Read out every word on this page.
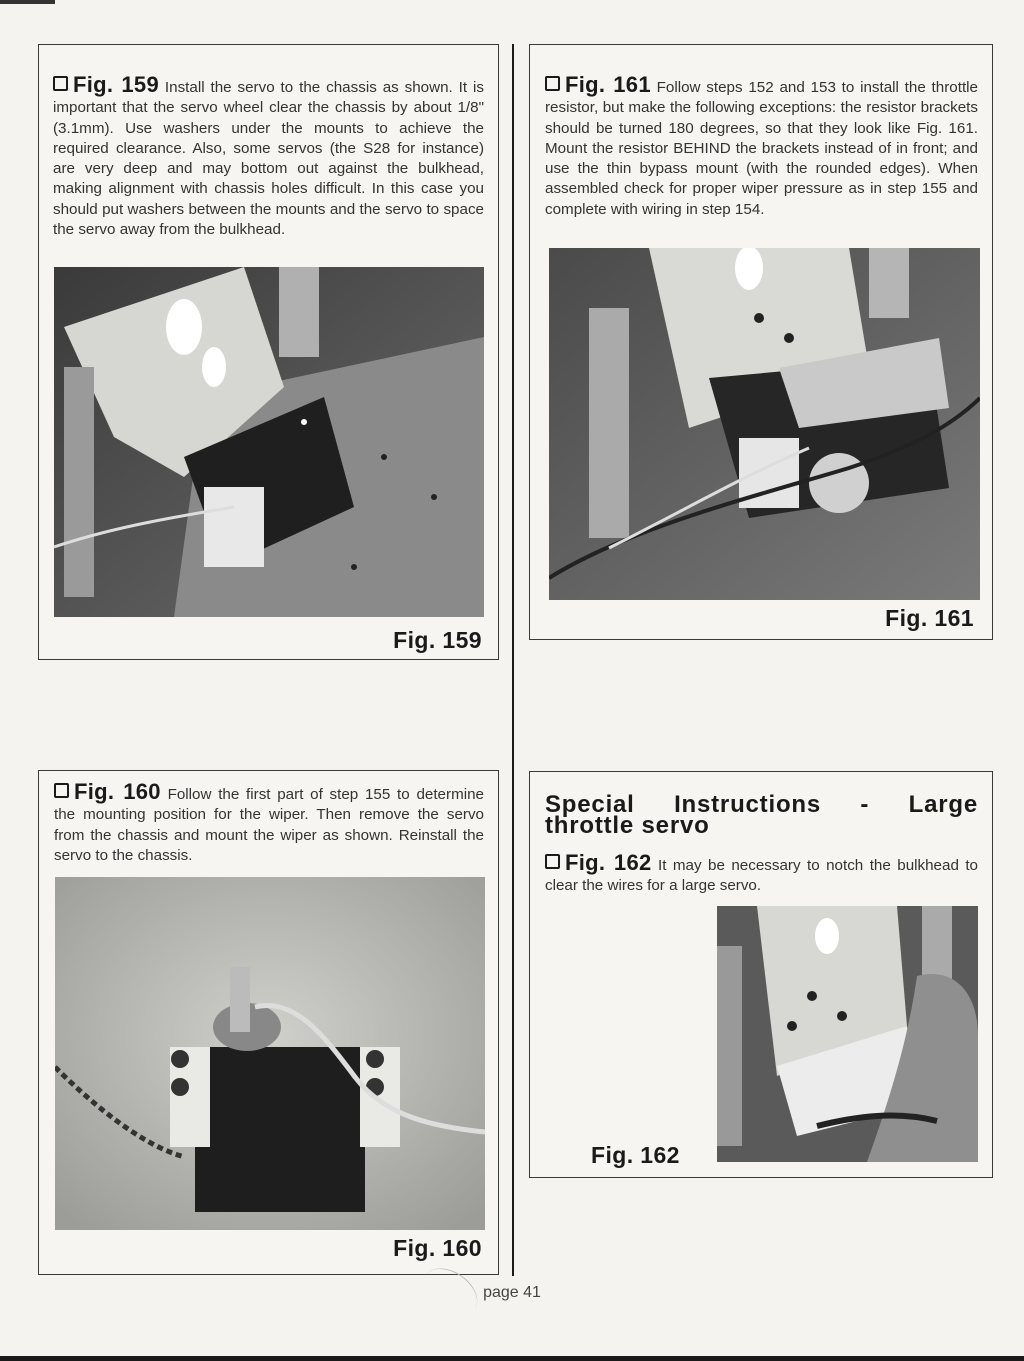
Fig. 159 Install the servo to the chassis as shown. It is important that the servo wheel clear the chassis by about 1/8" (3.1mm). Use washers under the mounts to achieve the required clearance. Also, some servos (the S28 for instance) are very deep and may bottom out against the bulkhead, making alignment with chassis holes difficult. In this case you should put washers between the mounts and the servo to space the servo away from the bulkhead.
Fig. 159
Fig. 161 Follow steps 152 and 153 to install the throttle resistor, but make the following exceptions: the resistor brackets should be turned 180 degrees, so that they look like Fig. 161. Mount the resistor BEHIND the brackets instead of in front; and use the thin bypass mount (with the rounded edges). When assembled check for proper wiper pressure as in step 155 and complete with wiring in step 154.
Fig. 161
Fig. 160 Follow the first part of step 155 to determine the mounting position for the wiper. Then remove the servo from the chassis and mount the wiper as shown. Reinstall the servo to the chassis.
Fig. 160
Special Instructions - Large throttle servo
Fig. 162 It may be necessary to notch the bulkhead to clear the wires for a large servo.
Fig. 162
page 41
